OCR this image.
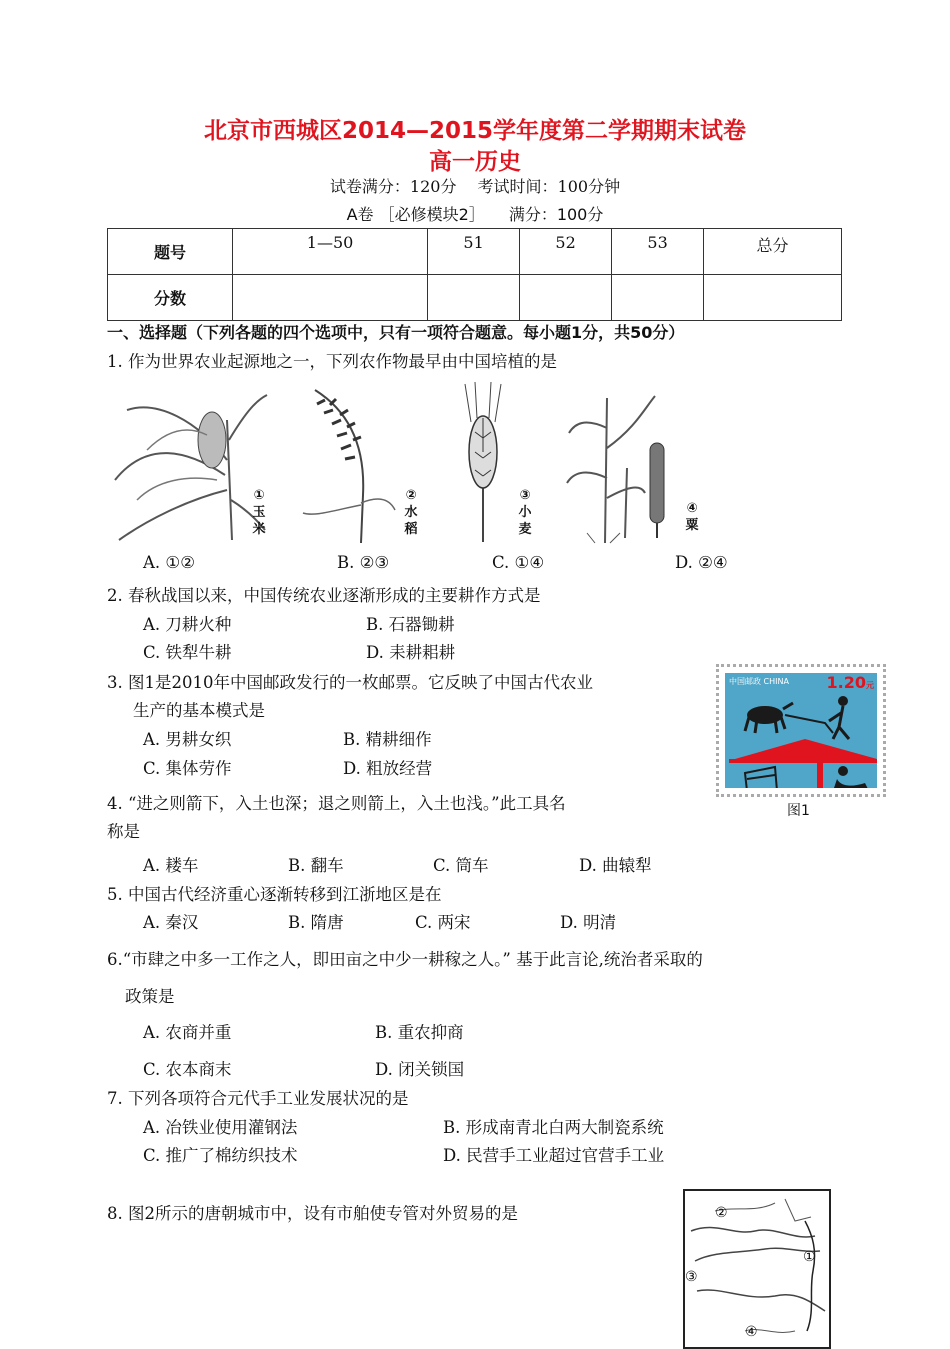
北京市西城区2014—2015学年度第二学期期末试卷
高一历史
试卷满分：120分　 考试时间：100分钟
A卷 ［必修模块2］　　满分：100分
题号	1—50	51	52	53	总分
分数					
一、选择题（下列各题的四个选项中，只有一项符合题意。每小题1分，共50分）
1. 作为世界农业起源地之一，下列农作物最早由中国培植的是
①
玉
米
②
水
稻
③
小
麦
④
粟
A. ①②	B. ②③	C. ①④	D. ②④
2. 春秋战国以来，中国传统农业逐渐形成的主要耕作方式是
A. 刀耕火种	B. 石器锄耕
C. 铁犁牛耕	D. 耒耕耜耕
3. 图1是2010年中国邮政发行的一枚邮票。它反映了中国古代农业
生产的基本模式是
A. 男耕女织	B. 精耕细作
C. 集体劳作	D. 粗放经营
中国邮政 CHINA 1.20元
图1
4. “进之则箭下，入土也深；退之则箭上，入土也浅。”此工具名
称是
A. 耧车	B. 翻车	C. 筒车	D. 曲辕犁
5. 中国古代经济重心逐渐转移到江浙地区是在
A. 秦汉	B. 隋唐	C. 两宋	D. 明清
6.“市肆之中多一工作之人，即田亩之中少一耕稼之人。” 基于此言论,统治者采取的
政策是
A. 农商并重	B. 重农抑商
C. 农本商末	D. 闭关锁国
7. 下列各项符合元代手工业发展状况的是
A. 冶铁业使用灌钢法	B. 形成南青北白两大制瓷系统
C. 推广了棉纺织技术	D. 民营手工业超过官营手工业
8. 图2所示的唐朝城市中，设有市舶使专管对外贸易的是	②
①
③
④
